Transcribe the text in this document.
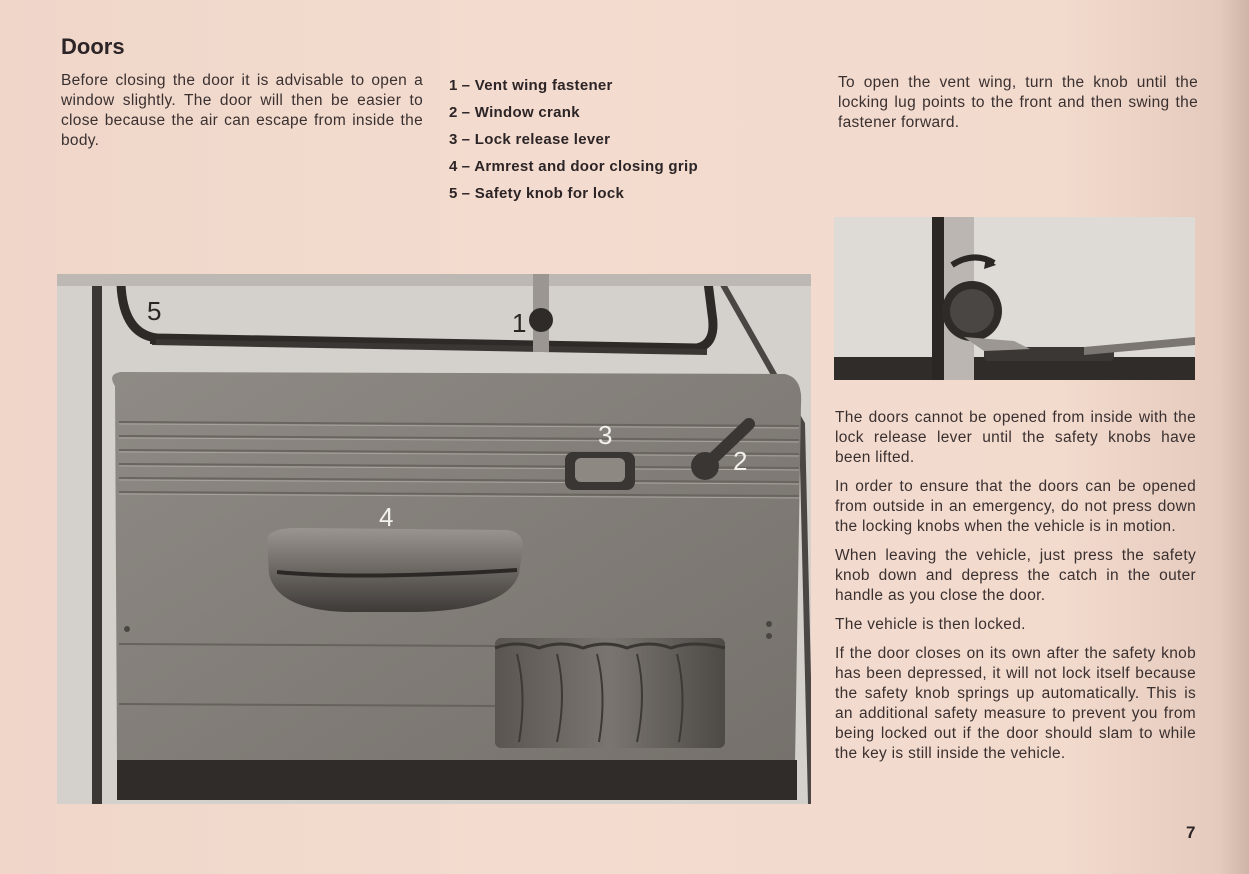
Doors
Before closing the door it is advisable to open a window slightly. The door will then be easier to close because the air can escape from inside the body.
1 – Vent wing fastener
2 – Window crank
3 – Lock release lever
4 – Armrest and door closing grip
5 – Safety knob for lock
To open the vent wing, turn the knob until the locking lug points to the front and then swing the fastener forward.
5	1
3
2
4

The doors cannot be opened from inside with the lock release lever until the safety knobs have been lifted.

In order to ensure that the doors can be opened from outside in an emergency, do not press down the locking knobs when the vehicle is in motion.

When leaving the vehicle, just press the safety knob down and depress the catch in the outer handle as you close the door.

The vehicle is then locked.

If the door closes on its own after the safety knob has been depressed, it will not lock itself because the safety knob springs up automatically. This is an additional safety measure to prevent you from being locked out if the door should slam to while the key is still inside the vehicle.

7
